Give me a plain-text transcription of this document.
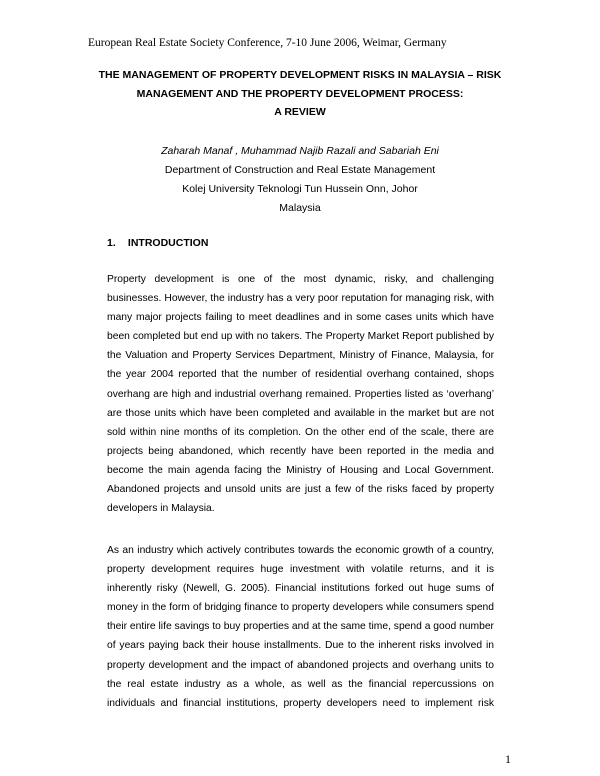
European Real Estate Society Conference, 7-10 June 2006, Weimar, Germany
THE MANAGEMENT OF PROPERTY DEVELOPMENT RISKS IN MALAYSIA – RISK
MANAGEMENT AND THE PROPERTY DEVELOPMENT PROCESS:
A REVIEW
Zaharah Manaf , Muhammad Najib Razali and Sabariah Eni
Department of Construction and Real Estate Management
Kolej University Teknologi Tun Hussein Onn, Johor
Malaysia
1. INTRODUCTION
Property development is one of the most dynamic, risky, and challenging
businesses. However, the industry has a very poor reputation for managing risk, with
many major projects failing to meet deadlines and in some cases units which have
been completed but end up with no takers. The Property Market Report published by
the Valuation and Property Services Department, Ministry of Finance, Malaysia, for
the year 2004 reported that the number of residential overhang contained, shops
overhang are high and industrial overhang remained. Properties listed as ‘overhang’
are those units which have been completed and available in the market but are not
sold within nine months of its completion. On the other end of the scale, there are
projects being abandoned, which recently have been reported in the media and
become the main agenda facing the Ministry of Housing and Local Government.
Abandoned projects and unsold units are just a few of the risks faced by property
developers in Malaysia.
As an industry which actively contributes towards the economic growth of a country,
property development requires huge investment with volatile returns, and it is
inherently risky (Newell, G. 2005). Financial institutions forked out huge sums of
money in the form of bridging finance to property developers while consumers spend
their entire life savings to buy properties and at the same time, spend a good number
of years paying back their house installments. Due to the inherent risks involved in
property development and the impact of abandoned projects and overhang units to
the real estate industry as a whole, as well as the financial repercussions on
individuals and financial institutions, property developers need to implement risk
1
